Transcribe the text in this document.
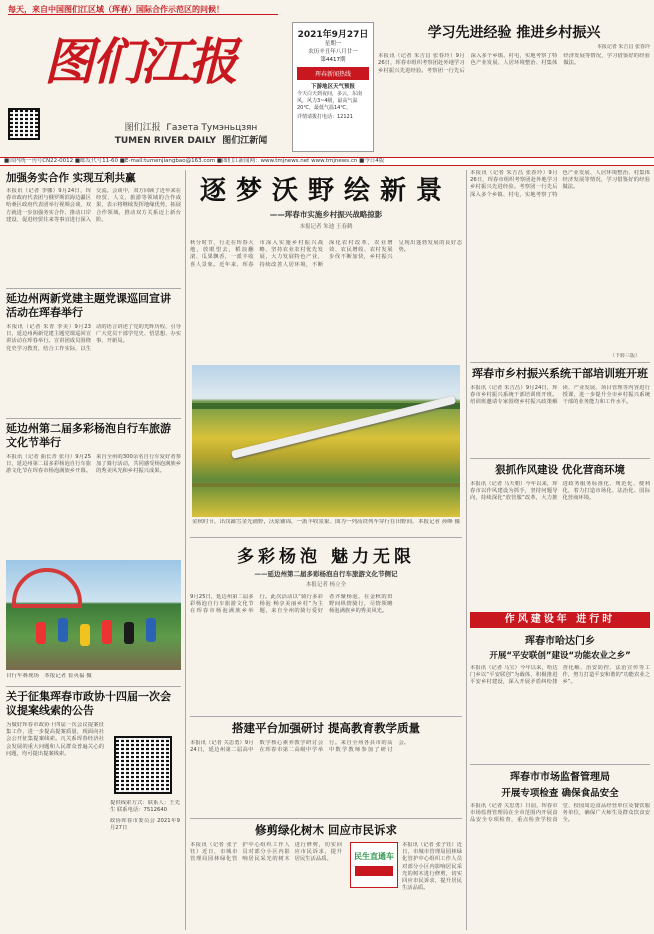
每天，来自中国图们江区域（珲春）国际合作示范区的问候！
图们江报
图们江报 Газета Тумэньцзян
TUMEN RIVER DAILY 图们江新闻
2021年9月27日
星期一
农历辛丑年八月廿一
第4417期
珲春新闻热线
下游地区天气预报
今天白天到夜间，多云，东南风，风力3~4级，最高气温20℃，最低气温14℃。
详情请拨打电话：12121
学习先进经验 推进乡村振兴
本报记者 朱吉昌 张春玲
本报讯（记者 朱吉昌 张春玲）9月26日，珲春市组织考察团赴外地学习乡村振兴先进经验。考察团一行先后深入多个乡镇、村屯，实地考察了特色产业发展、人居环境整治、村集体经济发展等情况，学习借鉴好的经验做法。
■国内统一刊号CN22-0012 ■邮发代号11-60 ■E-mail:tumenjiangbao@163.com ■图们江新闻网：www.tmjnews.net www.tmjnews.cn ■今日4版
加强务实合作 实现互利共赢
本报讯（记者 李娜）9月24日，珲春市政府代表团与俄罗斯滨海边疆区哈桑区政府代表团举行视频会谈，双方就进一步加强务实合作、推动口岸建设、促进经贸往来等事宜进行深入交流。会谈中，双方回顾了近年来在经贸、人文、旅游等领域的合作成果，表示将继续发挥地缘优势，拓展合作领域，推动双方关系迈上新台阶。
延边州两新党建主题党课巡回宣讲活动在珲春举行
本报讯（记者 朱青 李美）9月23日，延边州两新党建主题党课巡回宣讲活动在珲春举行。宣讲团成员围绕党史学习教育，结合工作实际，以生动的语言讲述了党的光辉历程，引导广大党员干部学党史、悟思想、办实事、开新局。
延边州第二届多彩杨泡自行车旅游文化节举行
本报讯（记者 曲长青 张丹）9月25日，延边州第二届多彩杨泡自行车旅游文化节在珲春市杨泡满族乡开幕。来自全州的300余名自行车爱好者参加了骑行活动，共同感受杨泡满族乡的秀美风光和乡村振兴成果。
自行车赛现场 本报记者 崔英福 摄
关于征集珲春市政协十四届一次会议提案线索的公告
为做好珲春市政协十四届一次会议提案征集工作，进一步提高提案质量，现面向社会公开征集提案线索。凡关系珲春经济社会发展的重大问题和人民群众普遍关心的问题，均可提出提案线索。
提供线索方式：联系人：王先生 联系电话：7512640
政协珲春市委员会 2021年9月27日
逐梦沃野绘新景
——珲春市实施乡村振兴战略掠影
本报记者 朱迪 王春鹤
秋分时节，行走在珲春大地，放眼望去，稻浪翻滚、瓜果飘香，一派丰收喜人景象。近年来，珲春市深入实施乡村振兴战略，坚持农业农村优先发展，大力发展特色产业，持续改善人居环境，不断深化农村改革，农业增效、农民增收、农村发展步伐不断加快，乡村振兴呈现出蓬勃发展的良好态势。
金秋时节，出伐鄙雪金光铺野，沃原铺锦，一派丰收景象。图为一列高铁列车穿行在田野间。 本报记者 孙峰 摄
多彩杨泡 魅力无限
——延边州第二届多彩杨泡自行车旅游文化节侧记
本报记者 杨立全
9月25日，延边州第二届多彩杨泡自行车旅游文化节在珲春市杨泡满族乡举行。此次活动以“骑行多彩杨泡 畅享美丽乡村”为主题，来自全州的骑行爱好者齐聚杨泡，在金秋的田野间纵情骑行，尽情领略杨泡满族乡的秀美风光。
搭建平台加强研讨 提高教育教学质量
本报讯（记者 关思勇）9月24日，延边州第二届高中数学核心素养教学研讨会在珲春市第二高级中学举行。来自全州各县市的高中数学教师参加了研讨会。
修剪绿化树木 回应市民诉求
本报讯（记者 张子钰）近日，市城市管理局园林绿化管护中心组织工作人员对部分小区内影响居民采光的树木进行修剪，切实回应市民诉求，提升居民生活品质。	民生直通车
本报讯（记者 张子钰）近日，市城市管理局园林绿化管护中心组织工作人员对部分小区内影响居民采光的树木进行修剪，切实回应市民诉求，提升居民生活品质。
本报讯（记者 朱吉昌 张春玲）9月26日，珲春市组织考察团赴外地学习乡村振兴先进经验。考察团一行先后深入多个乡镇、村屯，实地考察了特色产业发展、人居环境整治、村集体经济发展等情况，学习借鉴好的经验做法。
（下转三版）
珲春市乡村振兴系统干部培训班开班
本报讯（记者 朱吉昌）9月24日，珲春市乡村振兴系统干部培训班开班。培训班邀请专家围绕乡村振兴政策解读、产业发展、项目管理等内容进行授课，进一步提升全市乡村振兴系统干部的业务能力和工作水平。
狠抓作风建设 优化营商环境
本报讯（记者 马天朝）今年以来，珲春市以作风建设为抓手，坚持问题导向，持续深化“放管服”改革，大力推进政务服务标准化、规范化、便利化，着力打造市场化、法治化、国际化营商环境。
作风建设年 进行时
珲春市哈达门乡
开展“平安联创”建设“功能农业之乡”
本报讯（记者 马宝）今年以来，哈达门乡以“平安联创”为载体，积极推进平安乡村建设，深入开展矛盾纠纷排查化解、治安防控、法治宣传等工作，努力打造平安和谐的“功能农业之乡”。
珲春市市场监督管理局
开展专项检查 确保食品安全
本报讯（记者 关思勇）日前，珲春市市场监督管理局在全市范围内开展食品安全专项检查，重点检查学校食堂、校园周边食品经营单位及餐饮服务单位，确保广大师生及群众饮食安全。
